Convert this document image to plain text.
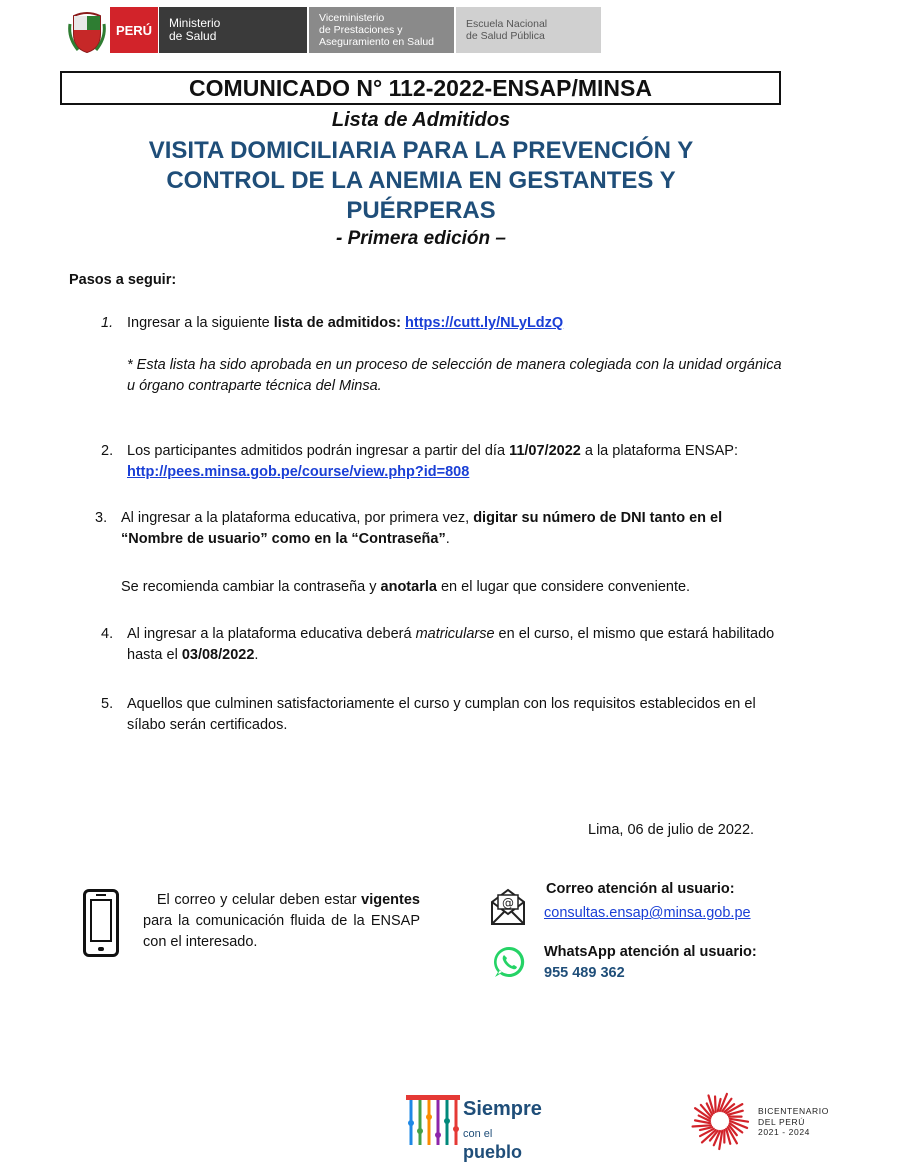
PERÚ Ministerio
de Salud
Viceministerio
de Prestaciones y
Aseguramiento en Salud
Escuela Nacional
de Salud Pública
COMUNICADO N° 112-2022-ENSAP/MINSA
Lista de Admitidos
VISITA DOMICILIARIA PARA LA PREVENCIÓN Y CONTROL DE LA ANEMIA EN GESTANTES Y PUÉRPERAS
- Primera edición –
Pasos a seguir:
1. Ingresar a la siguiente lista de admitidos: https://cutt.ly/NLyLdzQ
* Esta lista ha sido aprobada en un proceso de selección de manera colegiada con la unidad orgánica u órgano contraparte técnica del Minsa.
2. Los participantes admitidos podrán ingresar a partir del día 11/07/2022 a la plataforma ENSAP:    http://pees.minsa.gob.pe/course/view.php?id=808
3. Al ingresar a la plataforma educativa, por primera vez, digitar su número de DNI tanto en el “Nombre de usuario” como en la “Contraseña”.
Se recomienda cambiar la contraseña y anotarla en el lugar que considere conveniente.
4. Al ingresar a la plataforma educativa deberá matricularse en el curso, el mismo que estará habilitado hasta el 03/08/2022.
5. Aquellos que culminen satisfactoriamente el curso y cumplan con los requisitos establecidos en el sílabo serán certificados.
Lima, 06 de julio de 2022.
El correo y celular deben estar vigentes para la comunicación fluida de la ENSAP con el interesado.
@
Correo atención al usuario:
consultas.ensap@minsa.gob.pe
WhatsApp atención al usuario:
955 489 362
Siempre
con el pueblo
BICENTENARIO
DEL PERÚ
2021 - 2024
